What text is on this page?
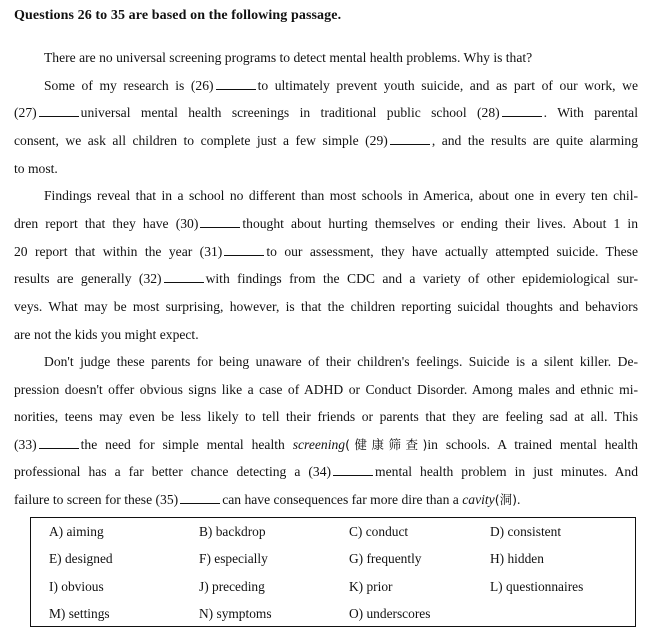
Questions 26 to 35 are based on the following passage.
There are no universal screening programs to detect mental health problems. Why is that?
Some of my research is (26)	to ultimately prevent youth suicide, and as part of our work, we
(27)	universal mental health screenings in traditional public school (28)	. With parental
consent, we ask all children to complete just a few simple (29)	, and the results are quite alarming
to most.
Findings reveal that in a school no different than most schools in America, about one in every ten chil-
dren report that they have (30)	thought about hurting themselves or ending their lives. About 1 in
20 report that within the year (31)	to our assessment, they have actually attempted suicide. These
results are generally (32)	with findings from the CDC and a variety of other epidemiological sur-
veys. What may be most surprising, however, is that the children reporting suicidal thoughts and behaviors
are not the kids you might expect.
Don't judge these parents for being unaware of their children's feelings. Suicide is a silent killer. De-
pression doesn't offer obvious signs like a case of ADHD or Conduct Disorder. Among males and ethnic mi-
norities, teens may even be less likely to tell their friends or parents that they are feeling sad at all. This
(33)	the need for simple mental health screening(健康筛查)in schools. A trained mental health
professional has a far better chance detecting a (34)	mental health problem in just minutes. And
failure to screen for these (35)	can have consequences far more dire than a cavity(洞).
A) aiming	B) backdrop	C) conduct	D) consistent
E) designed	F) especially	G) frequently	H) hidden
I) obvious	J) preceding	K) prior	L) questionnaires
M) settings	N) symptoms	O) underscores
